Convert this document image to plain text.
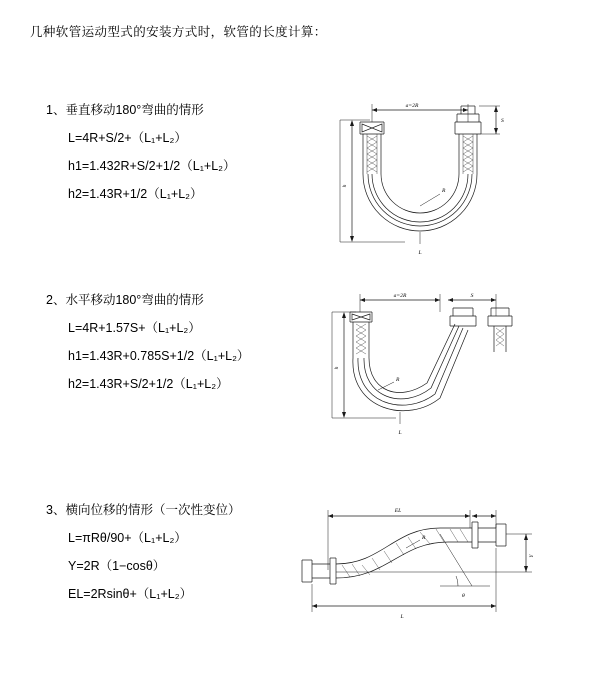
几种软管运动型式的安装方式时，软管的长度计算：
1、垂直移动180°弯曲的情形
L=4R+S/2+（L₁+L₂）
h1=1.432R+S/2+1/2（L₁+L₂）
h2=1.43R+1/2（L₁+L₂）
a=2R
h
R
L
S
2、水平移动180°弯曲的情形
L=4R+1.57S+（L₁+L₂）
h1=1.43R+0.785S+1/2（L₁+L₂）
h2=1.43R+S/2+1/2（L₁+L₂）
a=2R	S
h
R
L
3、横向位移的情形（一次性变位）
L=πRθ/90+（L₁+L₂）
Y=2R（1−cosθ）
EL=2Rsinθ+（L₁+L₂）
EL
Y
R
θ
L
